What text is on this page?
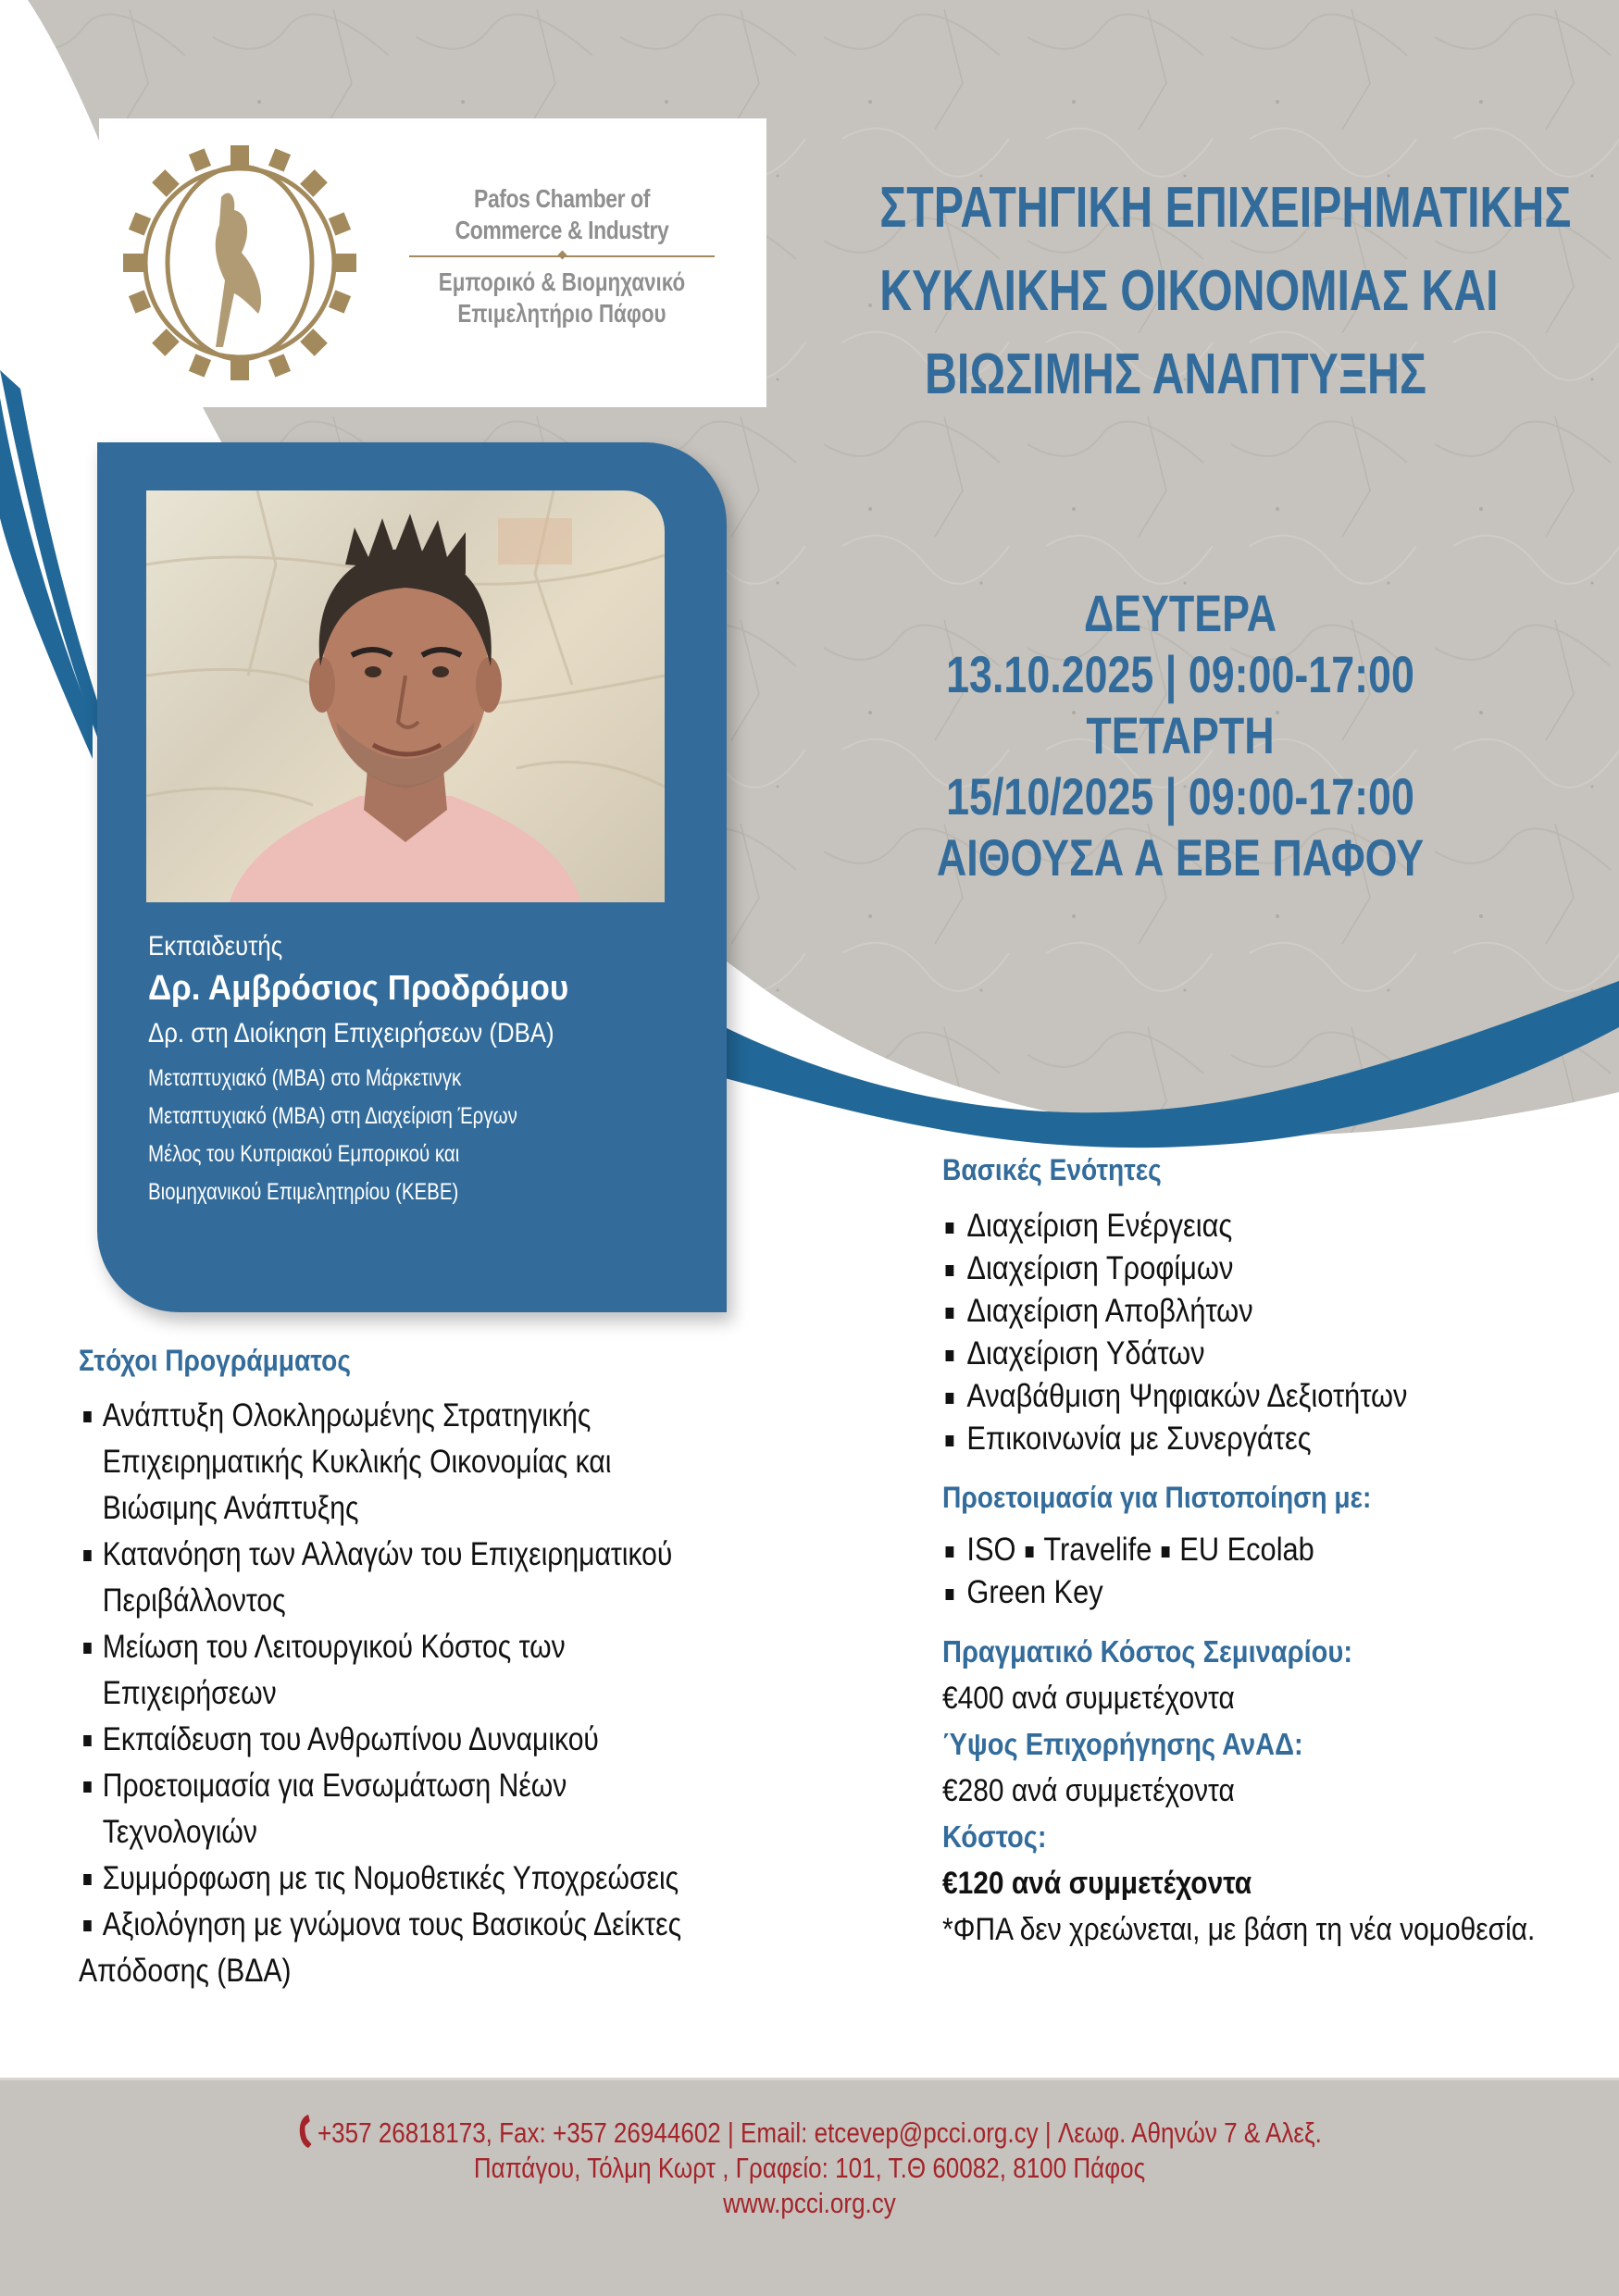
Pafos Chamber of
Commerce & Industry
Εμπορικό & Βιομηχανικό
Επιμελητήριο Πάφου
ΣΤΡΑΤΗΓΙΚΗ ΕΠΙΧΕΙΡΗΜΑΤΙΚΗΣ
ΚΥΚΛΙΚΗΣ ΟΙΚΟΝΟΜΙΑΣ ΚΑΙ
ΒΙΩΣΙΜΗΣ ΑΝΑΠΤΥΞΗΣ
ΔΕΥΤΕΡΑ
13.10.2025 | 09:00-17:00
ΤΕΤΑΡΤΗ
15/10/2025 | 09:00-17:00
ΑΙΘΟΥΣΑ Α ΕΒΕ ΠΑΦΟΥ
Εκπαιδευτής
Δρ. Αμβρόσιος Προδρόμου
Δρ. στη Διοίκηση Επιχειρήσεων (DBA)
Μεταπτυχιακό (MBA) στο Μάρκετινγκ
Μεταπτυχιακό (MBA) στη Διαχείριση Έργων
Μέλος του Κυπριακού Εμπορικού και
Βιομηχανικού Επιμελητηρίου (ΚΕΒΕ)
Στόχοι Προγράμματος
Ανάπτυξη Ολοκληρωμένης Στρατηγικής
Επιχειρηματικής Κυκλικής Οικονομίας και
Βιώσιμης Ανάπτυξης
Κατανόηση των Αλλαγών του Επιχειρηματικού
Περιβάλλοντος
Μείωση του Λειτουργικού Κόστος των
Επιχειρήσεων
Εκπαίδευση του Ανθρωπίνου Δυναμικού
Προετοιμασία για Ενσωμάτωση Νέων
Τεχνολογιών
Συμμόρφωση με τις Νομοθετικές Υποχρεώσεις
Αξιολόγηση με γνώμονα τους Βασικούς Δείκτες
Απόδοσης (ΒΔΑ)
Βασικές Ενότητες
Διαχείριση Ενέργειας
Διαχείριση Τροφίμων
Διαχείριση Αποβλήτων
Διαχείριση Υδάτων
Αναβάθμιση Ψηφιακών Δεξιοτήτων
Επικοινωνία με Συνεργάτες
Προετοιμασία για Πιστοποίηση με:
ISO Travelife EU Ecolab
Green Key
Πραγματικό Κόστος Σεμιναρίου:
€400 ανά συμμετέχοντα
Ύψος Επιχορήγησης ΑνΑΔ:
€280 ανά συμμετέχοντα
Κόστος:
€120 ανά συμμετέχοντα
*ΦΠΑ δεν χρεώνεται, με βάση τη νέα νομοθεσία.
+357 26818173, Fax: +357 26944602 | Email: etcevep@pcci.org.cy | Λεωφ. Αθηνών 7 & Αλεξ.
Παπάγου, Τόλμη Κωρτ , Γραφείο: 101, Τ.Θ 60082, 8100 Πάφος
www.pcci.org.cy
